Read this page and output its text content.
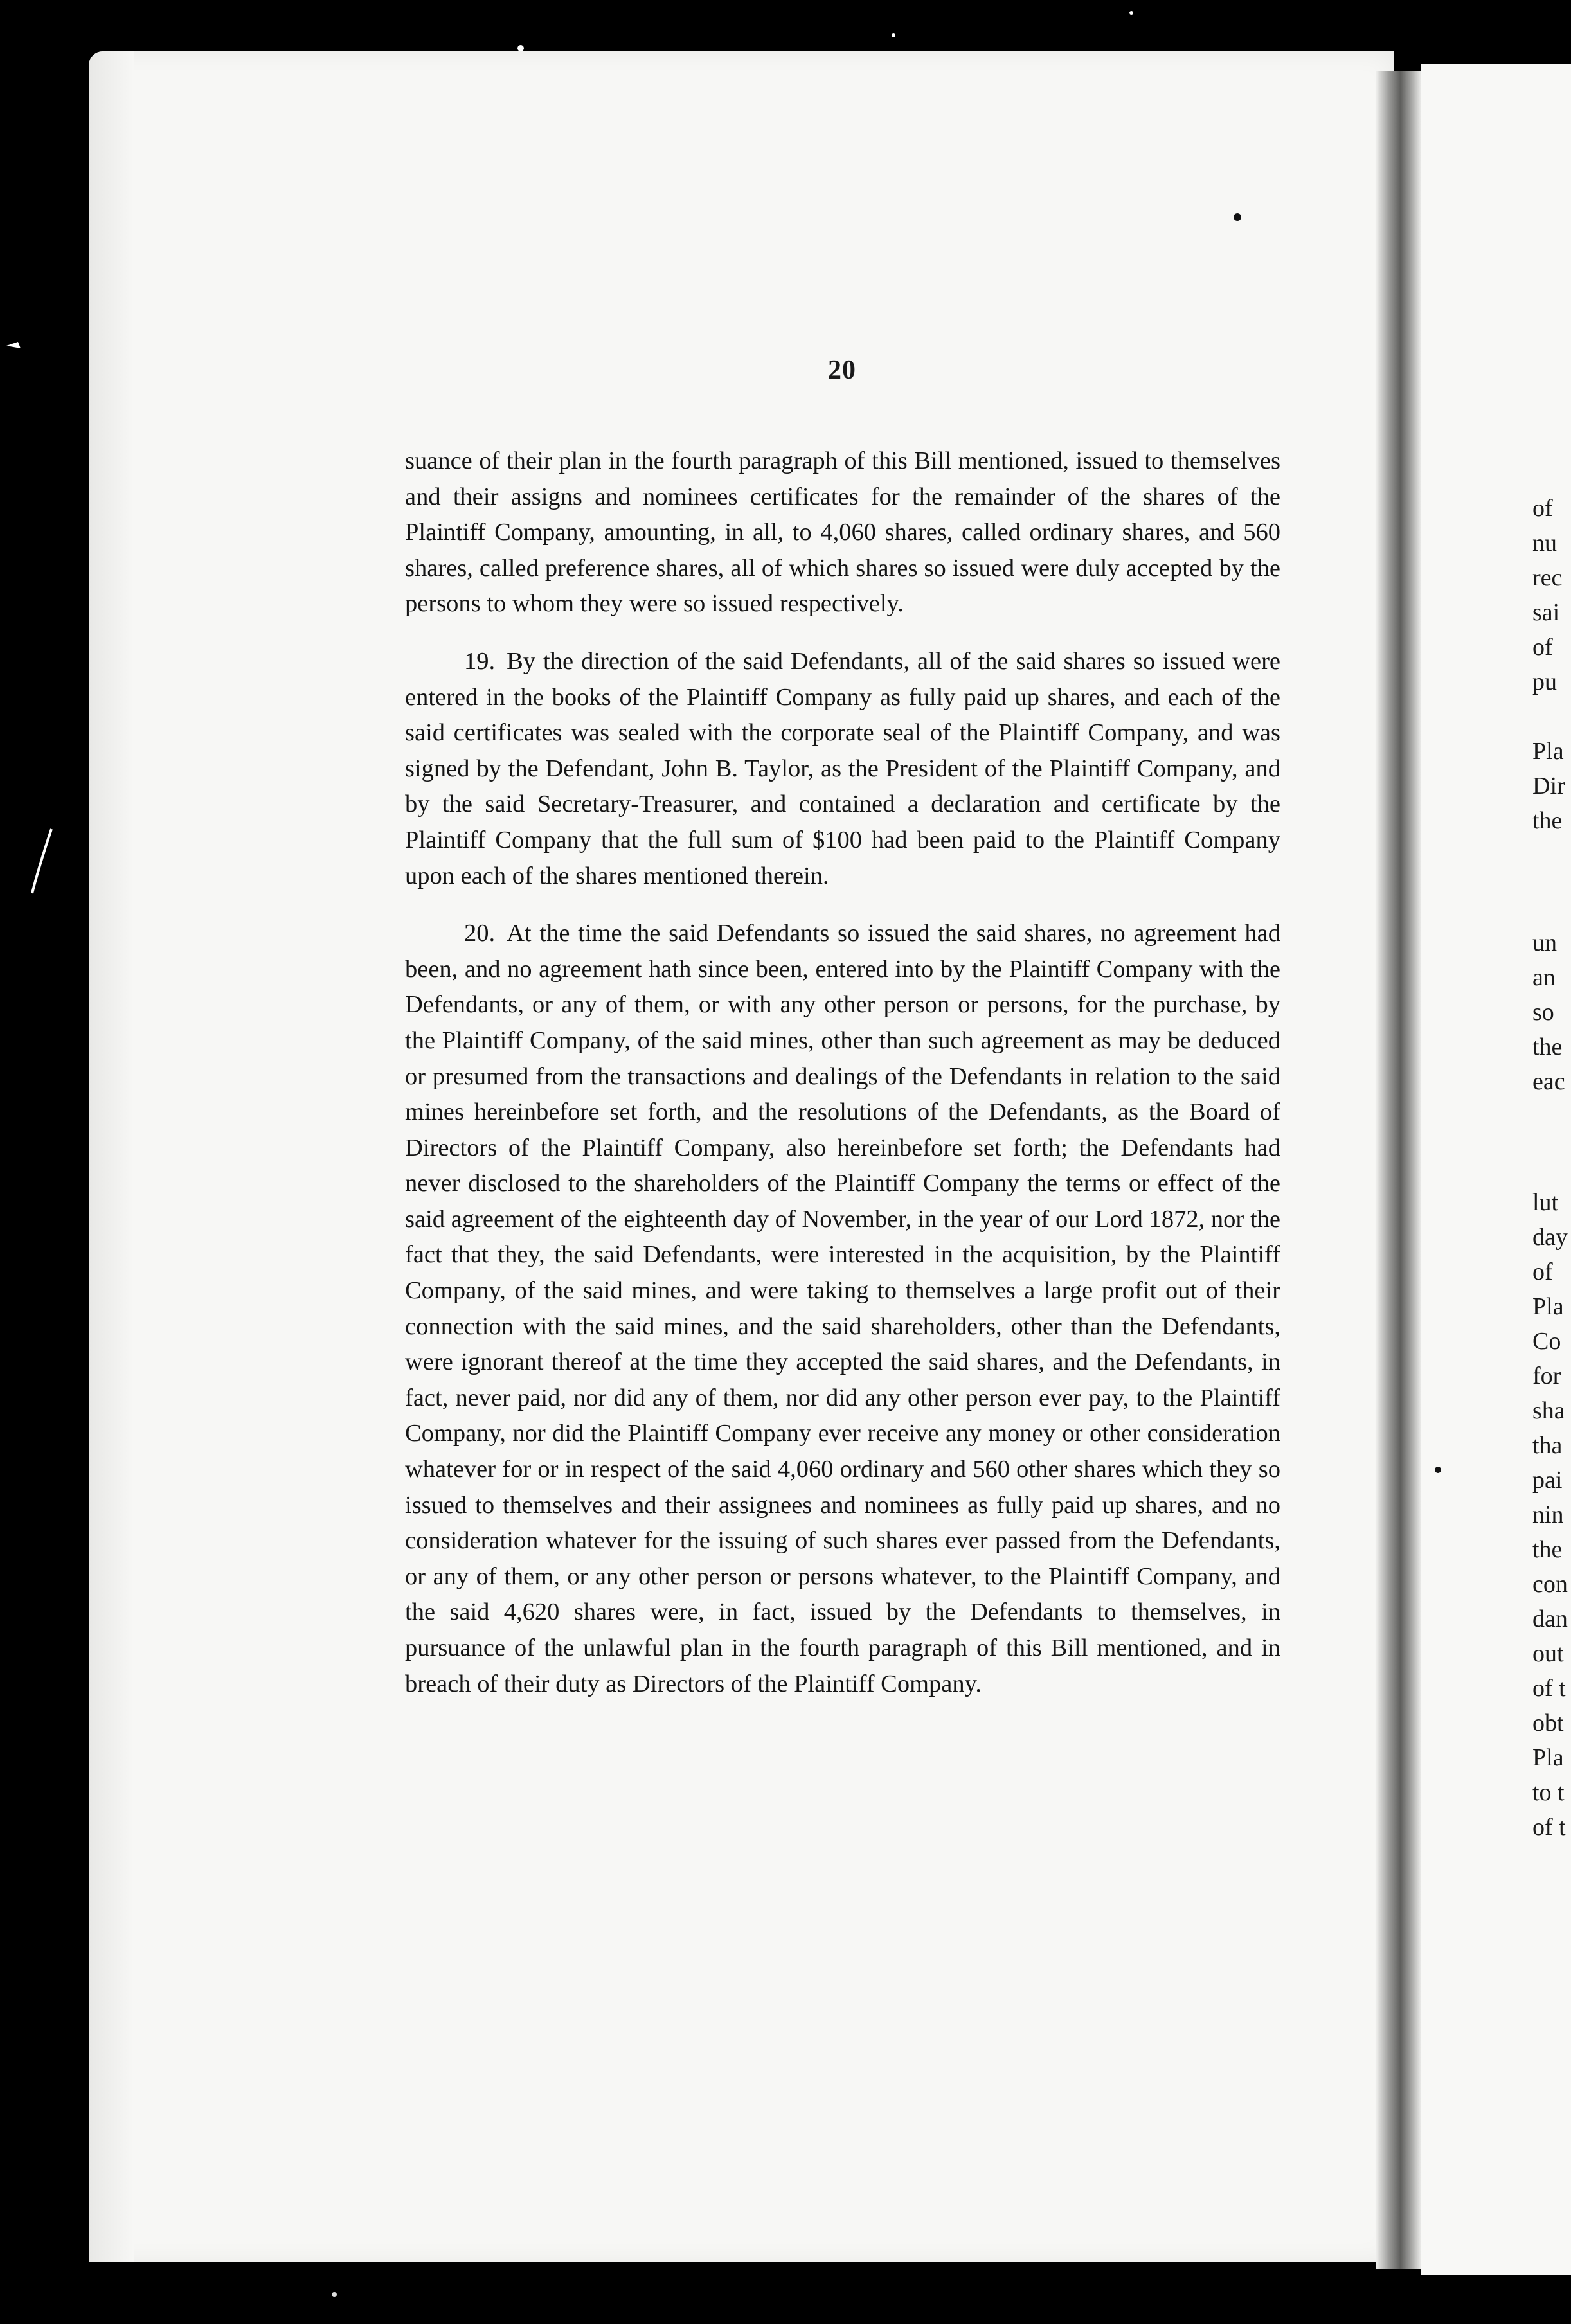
20

suance of their plan in the fourth paragraph of this Bill mentioned, issued to themselves and their assigns and nominees certificates for the remainder of the shares of the Plaintiff Company, amounting, in all, to 4,060 shares, called ordinary shares, and 560 shares, called preference shares, all of which shares so issued were duly accepted by the persons to whom they were so issued respectively.

19. By the direction of the said Defendants, all of the said shares so issued were entered in the books of the Plaintiff Company as fully paid up shares, and each of the said certificates was sealed with the corporate seal of the Plaintiff Company, and was signed by the Defendant, John B. Taylor, as the President of the Plaintiff Company, and by the said Secretary-Treasurer, and contained a declaration and certificate by the Plaintiff Company that the full sum of $100 had been paid to the Plaintiff Company upon each of the shares mentioned therein.

20. At the time the said Defendants so issued the said shares, no agreement had been, and no agreement hath since been, entered into by the Plaintiff Company with the Defendants, or any of them, or with any other person or persons, for the purchase, by the Plaintiff Company, of the said mines, other than such agreement as may be deduced or presumed from the transactions and dealings of the Defendants in relation to the said mines hereinbefore set forth, and the resolutions of the Defendants, as the Board of Directors of the Plaintiff Company, also hereinbefore set forth; the Defendants had never disclosed to the shareholders of the Plaintiff Company the terms or effect of the said agreement of the eighteenth day of November, in the year of our Lord 1872, nor the fact that they, the said Defendants, were interested in the acquisition, by the Plaintiff Company, of the said mines, and were taking to themselves a large profit out of their connection with the said mines, and the said shareholders, other than the Defendants, were ignorant thereof at the time they accepted the said shares, and the Defendants, in fact, never paid, nor did any of them, nor did any other person ever pay, to the Plaintiff Company, nor did the Plaintiff Company ever receive any money or other consideration whatever for or in respect of the said 4,060 ordinary and 560 other shares which they so issued to themselves and their assignees and nominees as fully paid up shares, and no consideration whatever for the issuing of such shares ever passed from the Defendants, or any of them, or any other person or persons whatever, to the Plaintiff Company, and the said 4,620 shares were, in fact, issued by the Defendants to themselves, in pursuance of the unlawful plan in the fourth paragraph of this Bill mentioned, and in breach of their duty as Directors of the Plaintiff Company.

of
nu
rec
sai
of
pu
Pla
Dir
the
un
an
so
the
eac
lut
day
of
Pla
Co
for
sha
tha
pai
nin
the
con
dan
out
of t
obt
Pla
to t
of t
